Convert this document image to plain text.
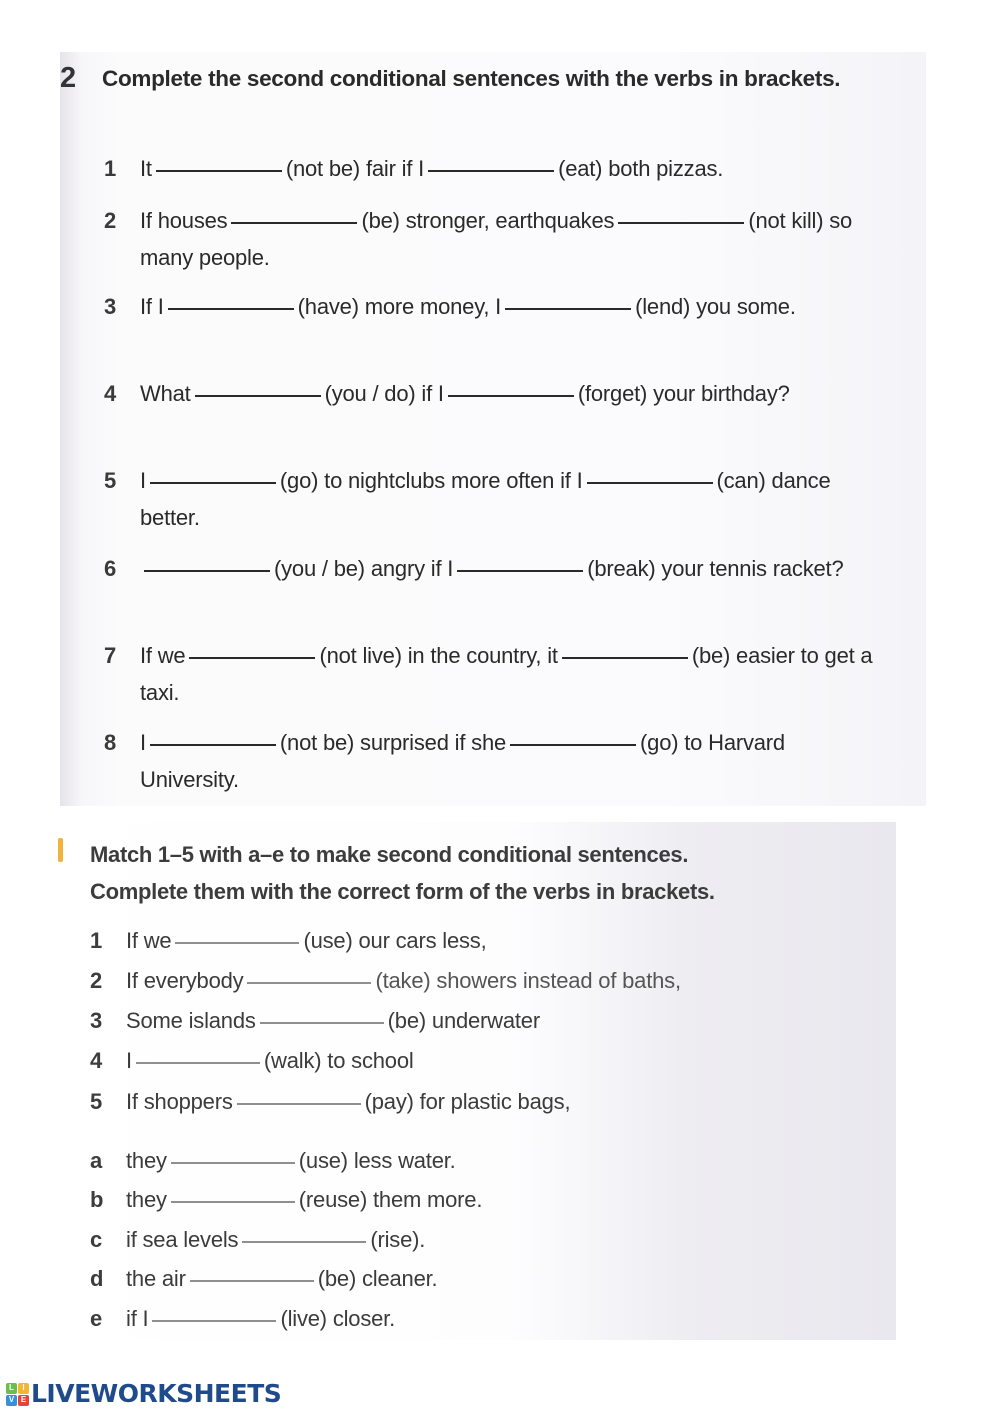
2	Complete the second conditional sentences with the verbs in brackets.
1	It	(not be) fair if I	(eat) both pizzas.
2	If houses	(be) stronger, earthquakes	(not kill) so many people.
3	If I	(have) more money, I	(lend) you some.
4	What	(you / do) if I	(forget) your birthday?
5	I	(go) to nightclubs more often if I	(can) dance better.
6	(you / be) angry if I	(break) your tennis racket?
7	If we	(not live) in the country, it	(be) easier to get a taxi.
8	I	(not be) surprised if she	(go) to Harvard University.
Match 1–5 with a–e to make second conditional sentences.
Complete them with the correct form of the verbs in brackets.
1	If we	(use) our cars less,
2	If everybody	(take) showers instead of baths,
3	Some islands	(be) underwater
4	I	(walk) to school
5	If shoppers	(pay) for plastic bags,
a	they	(use) less water.
b	they	(reuse) them more.
c	if sea levels	(rise).
d	the air	(be) cleaner.
e	if I	(live) closer.
L	I
V E LIVEWORKSHEETS
